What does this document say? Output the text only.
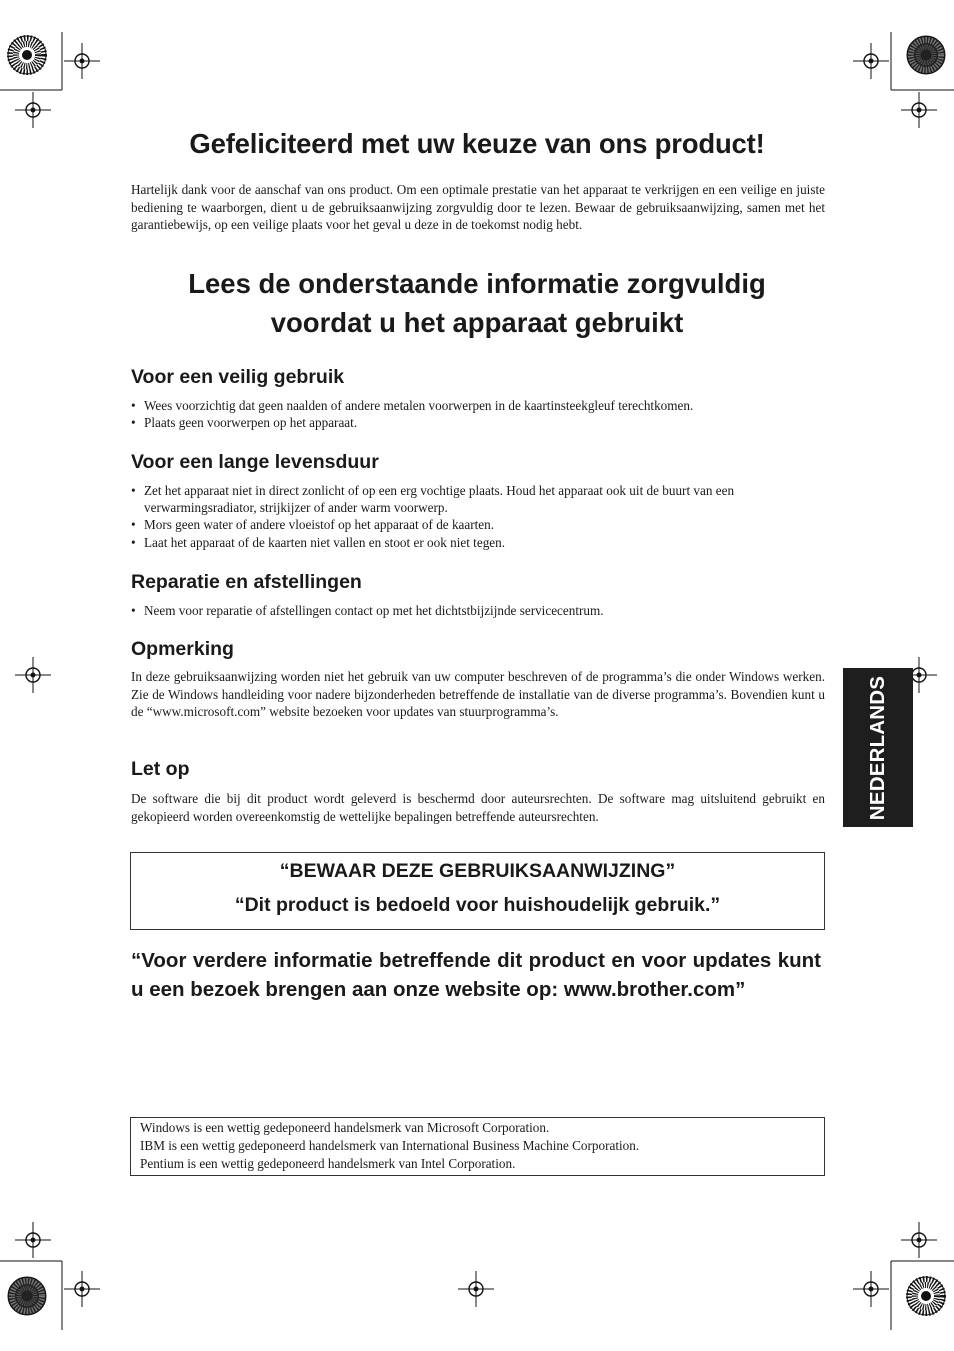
Gefeliciteerd met uw keuze van ons product!

Hartelijk dank voor de aanschaf van ons product. Om een optimale prestatie van het apparaat te verkrijgen en een veilige en juiste bediening te waarborgen, dient u de gebruiksaanwijzing zorgvuldig door te lezen. Bewaar de gebruiksaanwijzing, samen met het garantiebewijs, op een veilige plaats voor het geval u deze in de toekomst nodig hebt.

Lees de onderstaande informatie zorgvuldig
voordat u het apparaat gebruikt
Voor een veilig gebruik
• Wees voorzichtig dat geen naalden of andere metalen voorwerpen in de kaartinsteekgleuf terechtkomen.
• Plaats geen voorwerpen op het apparaat.
Voor een lange levensduur
• Zet het apparaat niet in direct zonlicht of op een erg vochtige plaats. Houd het apparaat ook uit de buurt van een verwarmingsradiator, strijkijzer of ander warm voorwerp.
• Mors geen water of andere vloeistof op het apparaat of de kaarten.
• Laat het apparaat of de kaarten niet vallen en stoot er ook niet tegen.
Reparatie en afstellingen
• Neem voor reparatie of afstellingen contact op met het dichtstbijzijnde servicecentrum.
Opmerking

In deze gebruiksaanwijzing worden niet het gebruik van uw computer beschreven of de programma’s die onder Windows werken. Zie de Windows handleiding voor nadere bijzonderheden betreffende de installatie van de diverse programma’s. Bovendien kunt u de “www.microsoft.com” website bezoeken voor updates van stuurprogramma’s.

Let op

De software die bij dit product wordt geleverd is beschermd door auteursrechten. De software mag uitsluitend gebruikt en gekopieerd worden overeenkomstig de wettelijke bepalingen betreffende auteursrechten.

“BEWAAR DEZE GEBRUIKSAANWIJZING”
“Dit product is bedoeld voor huishoudelijk gebruik.”

“Voor verdere informatie betreffende dit product en voor updates kunt u een bezoek brengen aan onze website op: www.brother.com”

Windows is een wettig gedeponeerd handelsmerk van Microsoft Corporation.
IBM is een wettig gedeponeerd handelsmerk van International Business Machine Corporation.
Pentium is een wettig gedeponeerd handelsmerk van Intel Corporation.
NEDERLANDS
